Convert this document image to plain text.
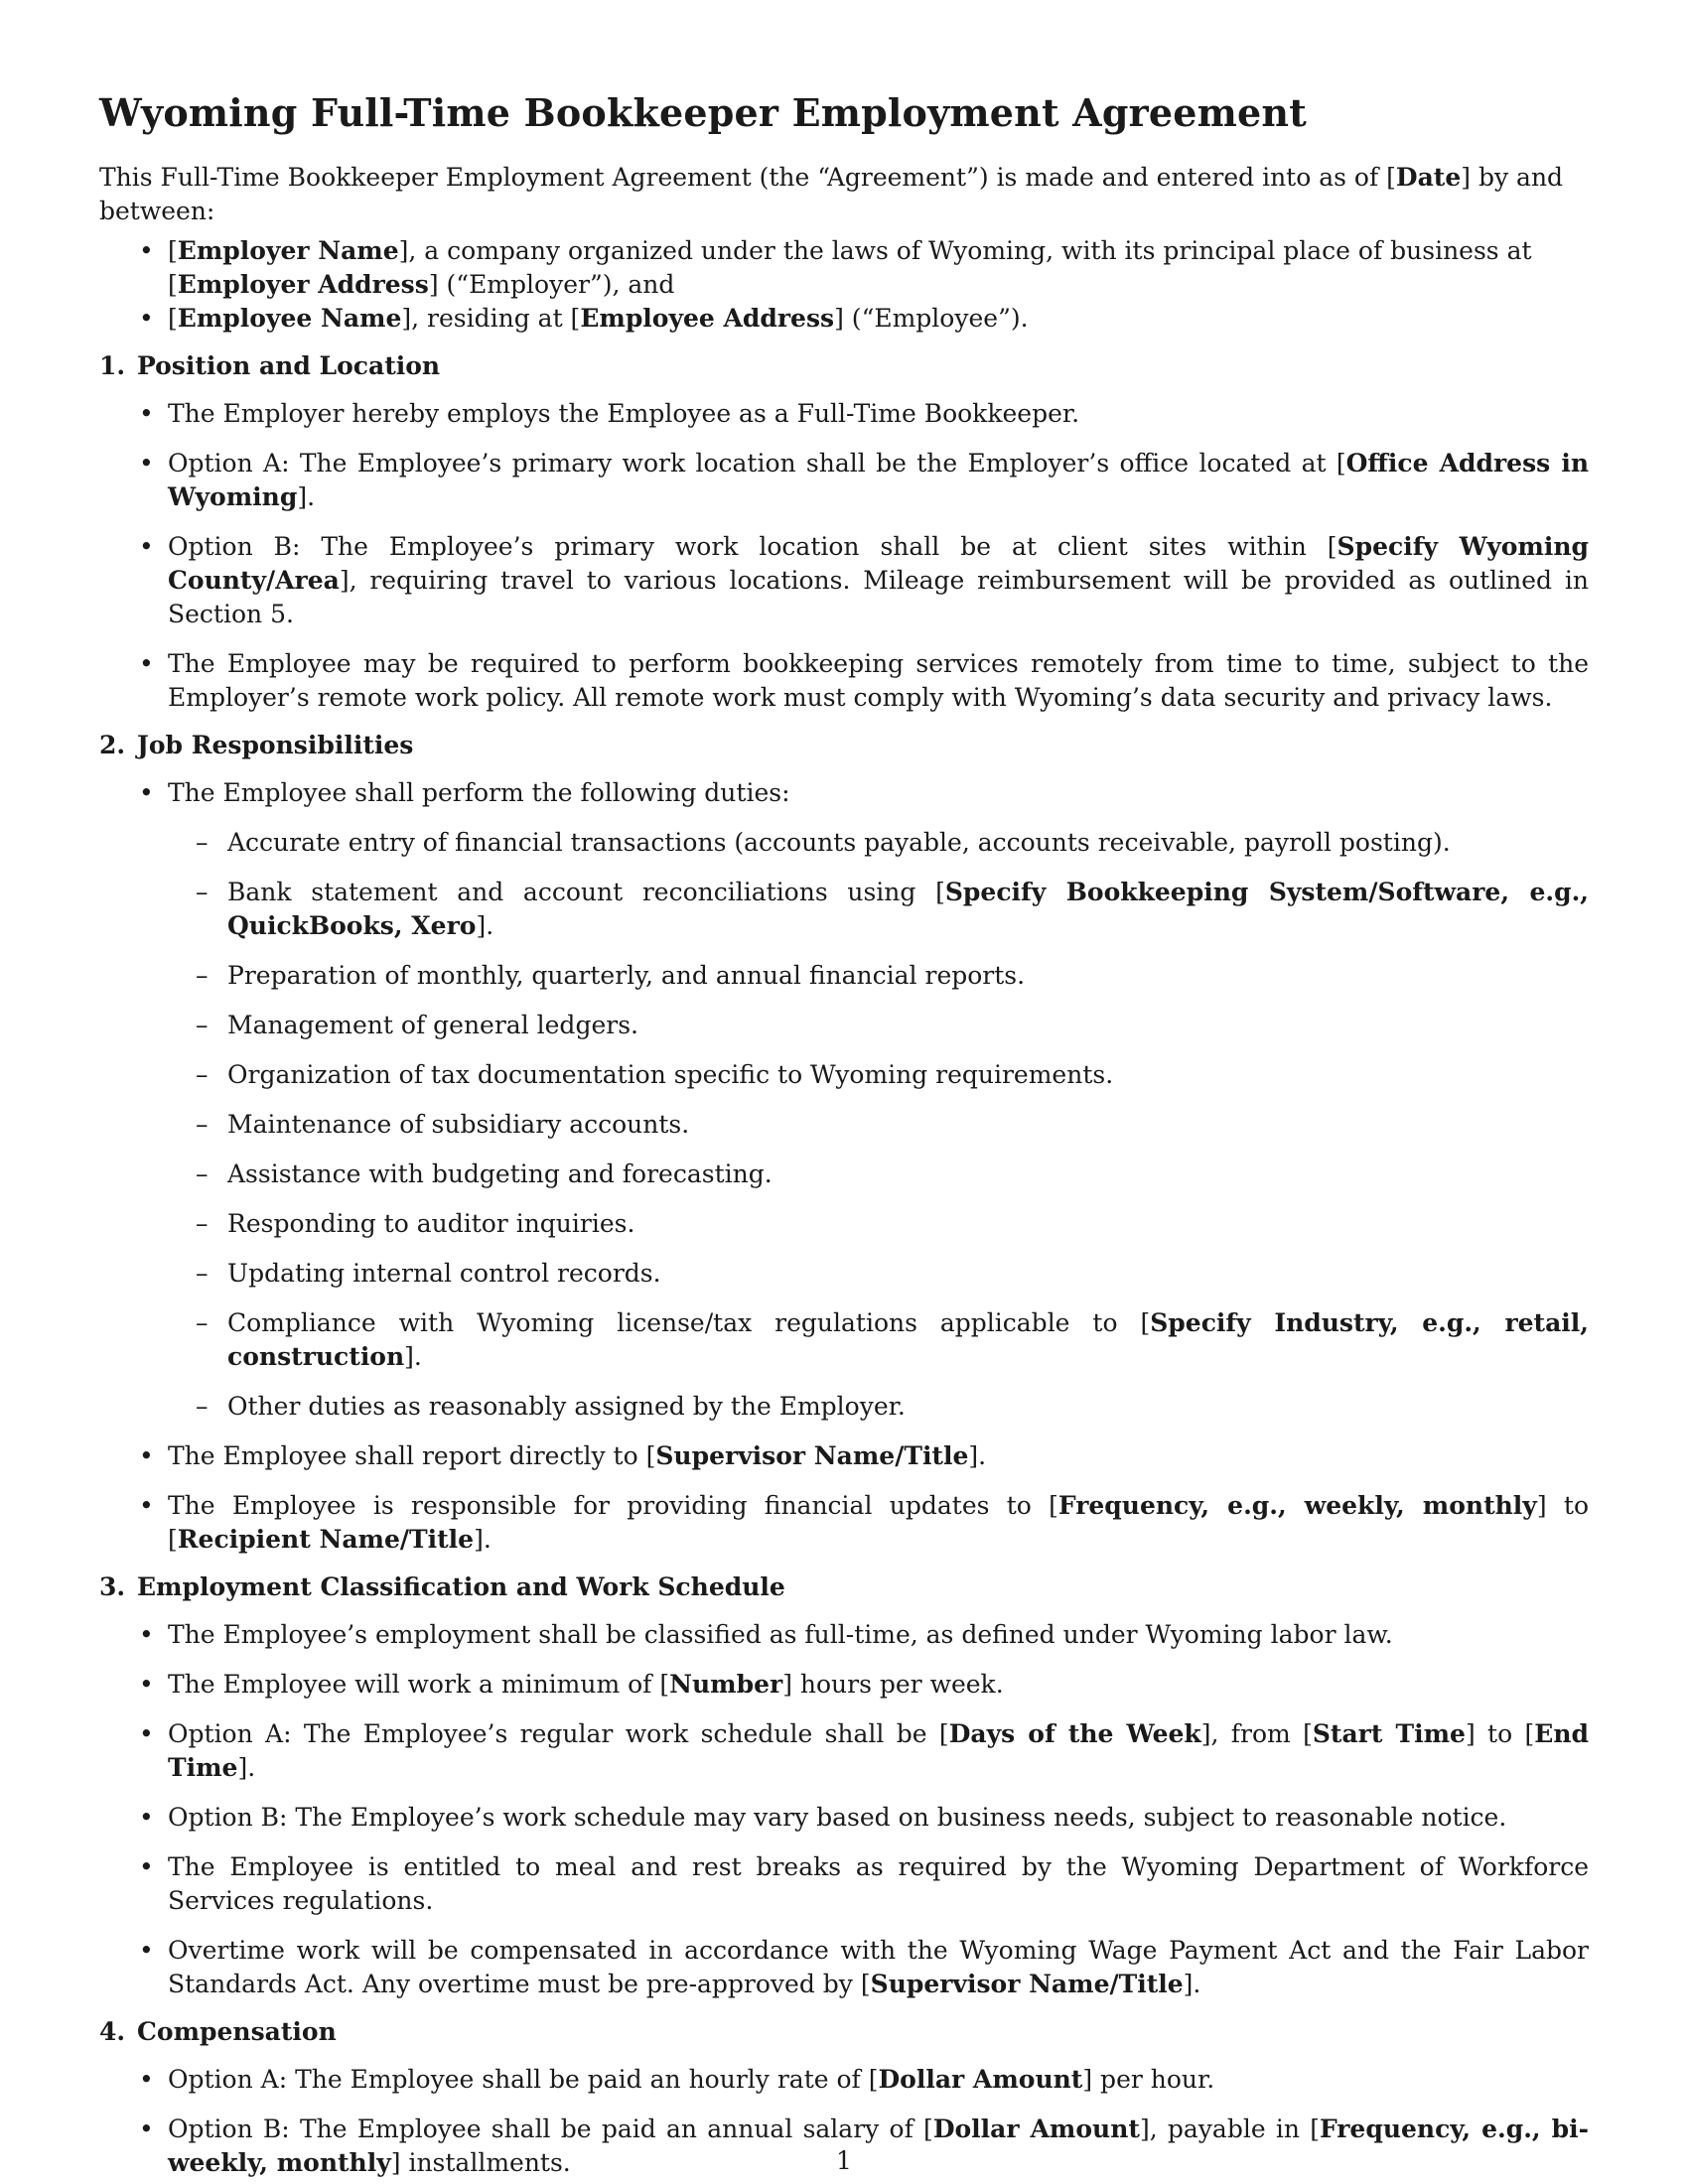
Wyoming Full-Time Bookkeeper Employment Agreement

This Full-Time Bookkeeper Employment Agreement (the “Agreement”) is made and entered into as of [Date] by and between:

• [Employer Name], a company organized under the laws of Wyoming, with its principal place of business at [Employer Address] (“Employer”), and
• [Employee Name], residing at [Employee Address] (“Employee”).
1. Position and Location
• The Employer hereby employs the Employee as a Full-Time Bookkeeper.
• Option A: The Employee’s primary work location shall be the Employer’s office located at [Office Address in Wyoming].
• Option B: The Employee’s primary work location shall be at client sites within [Specify Wyoming County/Area], requiring travel to various locations. Mileage reimbursement will be provided as outlined in Section 5.
• The Employee may be required to perform bookkeeping services remotely from time to time, subject to the Employer’s remote work policy. All remote work must comply with Wyoming’s data security and privacy laws.
2. Job Responsibilities
• The Employee shall perform the following duties:
– Accurate entry of financial transactions (accounts payable, accounts receivable, payroll posting).
– Bank statement and account reconciliations using [Specify Bookkeeping System/Software, e.g., QuickBooks, Xero].
– Preparation of monthly, quarterly, and annual financial reports.
– Management of general ledgers.
– Organization of tax documentation specific to Wyoming requirements.
– Maintenance of subsidiary accounts.
– Assistance with budgeting and forecasting.
– Responding to auditor inquiries.
– Updating internal control records.
– Compliance with Wyoming license/tax regulations applicable to [Specify Industry, e.g., retail, construction].
– Other duties as reasonably assigned by the Employer.
• The Employee shall report directly to [Supervisor Name/Title].
• The Employee is responsible for providing financial updates to [Frequency, e.g., weekly, monthly] to [Recipient Name/Title].
3. Employment Classification and Work Schedule
• The Employee’s employment shall be classified as full-time, as defined under Wyoming labor law.
• The Employee will work a minimum of [Number] hours per week.
• Option A: The Employee’s regular work schedule shall be [Days of the Week], from [Start Time] to [End Time].
• Option B: The Employee’s work schedule may vary based on business needs, subject to reasonable notice.
• The Employee is entitled to meal and rest breaks as required by the Wyoming Department of Workforce Services regulations.
• Overtime work will be compensated in accordance with the Wyoming Wage Payment Act and the Fair Labor Standards Act. Any overtime must be pre-approved by [Supervisor Name/Title].
4. Compensation
• Option A: The Employee shall be paid an hourly rate of [Dollar Amount] per hour.
• Option B: The Employee shall be paid an annual salary of [Dollar Amount], payable in [Frequency, e.g., bi-weekly, monthly] installments.	1
